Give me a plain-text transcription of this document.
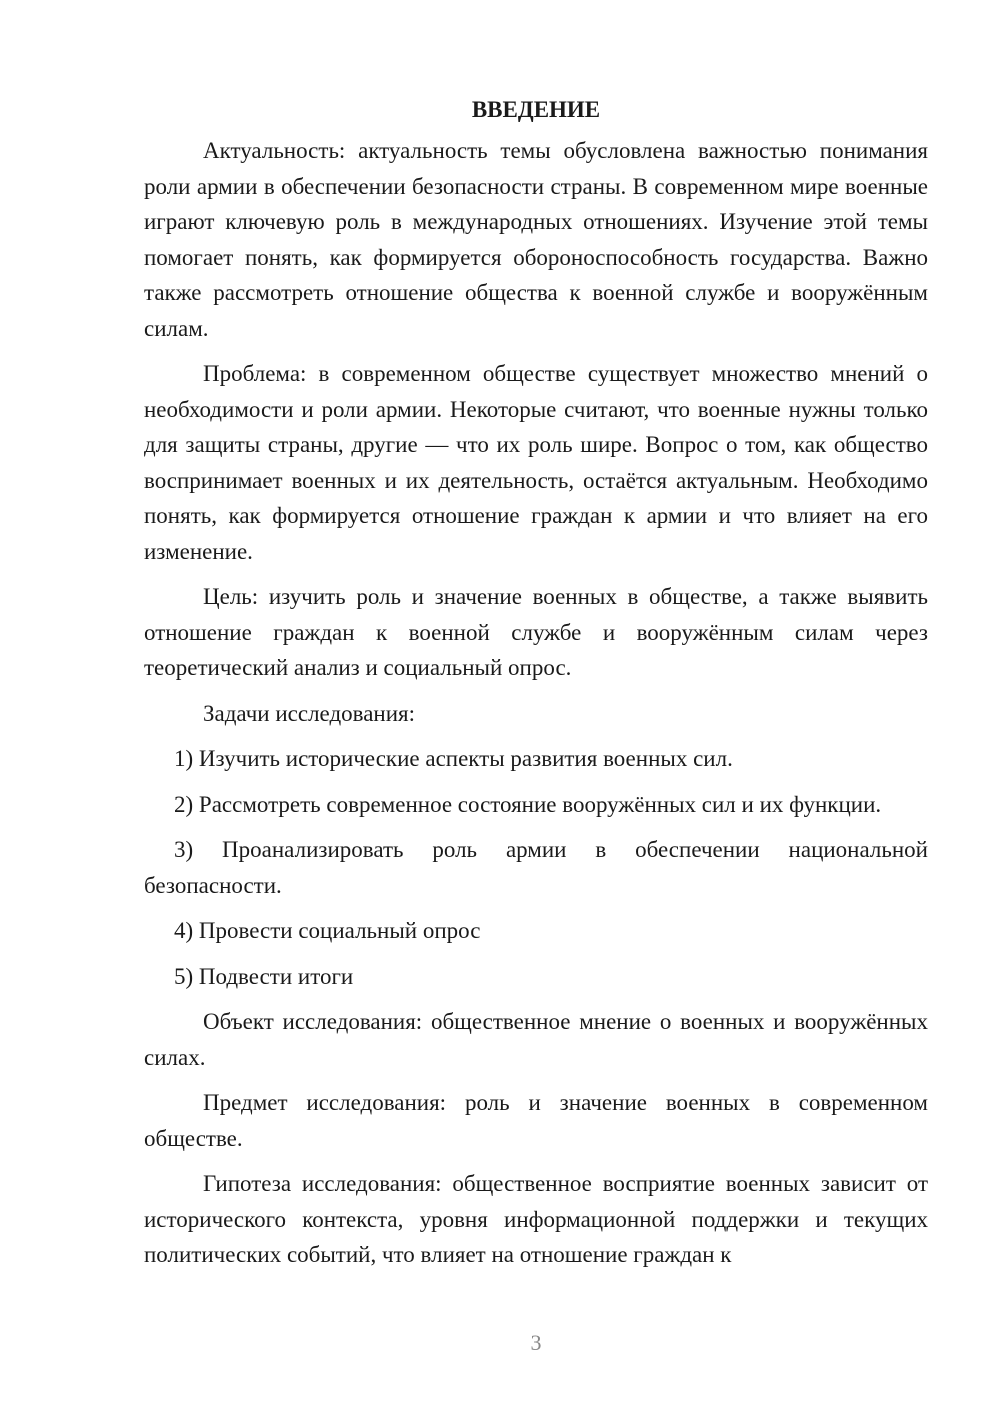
ВВЕДЕНИЕ
Актуальность: актуальность темы обусловлена важностью понимания роли армии в обеспечении безопасности страны. В современном мире военные играют ключевую роль в международных отношениях. Изучение этой темы помогает понять, как формируется обороноспособность государства. Важно также рассмотреть отношение общества к военной службе и вооружённым силам.
Проблема: в современном обществе существует множество мнений о необходимости и роли армии. Некоторые считают, что военные нужны только для защиты страны, другие — что их роль шире. Вопрос о том, как общество воспринимает военных и их деятельность, остаётся актуальным. Необходимо понять, как формируется отношение граждан к армии и что влияет на его изменение.
Цель: изучить роль и значение военных в обществе, а также выявить отношение граждан к военной службе и вооружённым силам через теоретический анализ и социальный опрос.
Задачи исследования:
1) Изучить исторические аспекты развития военных сил.
2) Рассмотреть современное состояние вооружённых сил и их функции.
3) Проанализировать роль армии в обеспечении национальной безопасности.
4) Провести социальный опрос
5) Подвести итоги
Объект исследования: общественное мнение о военных и вооружённых силах.
Предмет исследования: роль и значение военных в современном обществе.
Гипотеза исследования: общественное восприятие военных зависит от исторического контекста, уровня информационной поддержки и текущих политических событий, что влияет на отношение граждан к
3
